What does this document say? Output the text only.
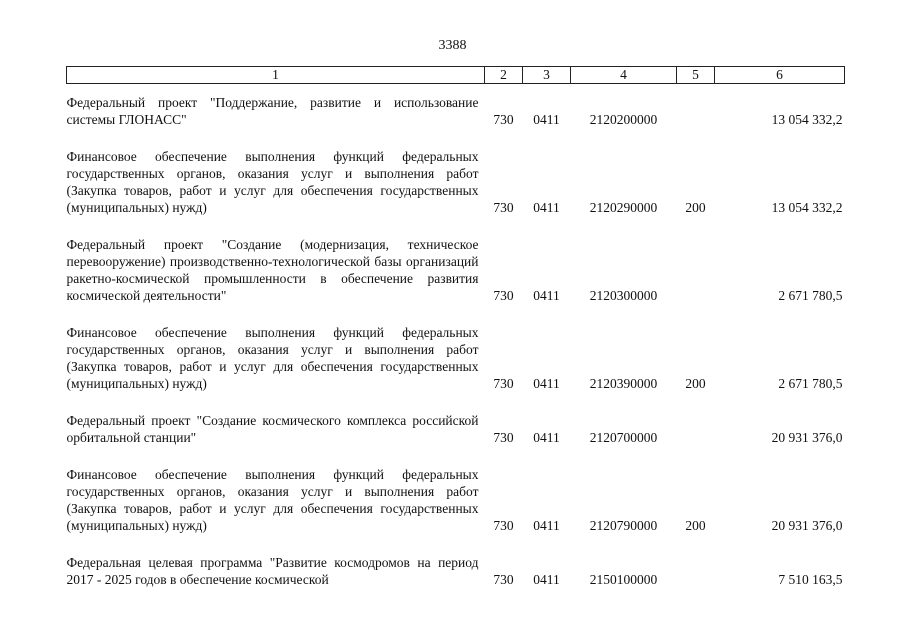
3388
1	2	3	4	5	6

Федеральный проект "Поддержание, развитие и использование системы ГЛОНАСС"	730	0411	2120200000		13 054 332,2

Финансовое обеспечение выполнения функций федеральных государственных органов, оказания услуг и выполнения работ (Закупка товаров, работ и услуг для обеспечения государственных (муниципальных) нужд)	730	0411	2120290000	200	13 054 332,2

Федеральный проект "Создание (модернизация, техническое перевооружение) производственно-технологической базы организаций ракетно-космической промышленности в обеспечение развития космической деятельности"	730	0411	2120300000		2 671 780,5

Финансовое обеспечение выполнения функций федеральных государственных органов, оказания услуг и выполнения работ (Закупка товаров, работ и услуг для обеспечения государственных (муниципальных) нужд)	730	0411	2120390000	200	2 671 780,5

Федеральный проект "Создание космического комплекса российской орбитальной станции"	730	0411	2120700000		20 931 376,0

Финансовое обеспечение выполнения функций федеральных государственных органов, оказания услуг и выполнения работ (Закупка товаров, работ и услуг для обеспечения государственных (муниципальных) нужд)	730	0411	2120790000	200	20 931 376,0

Федеральная целевая программа "Развитие космодромов на период 2017 - 2025 годов в обеспечение космической	730	0411	2150100000		7 510 163,5
